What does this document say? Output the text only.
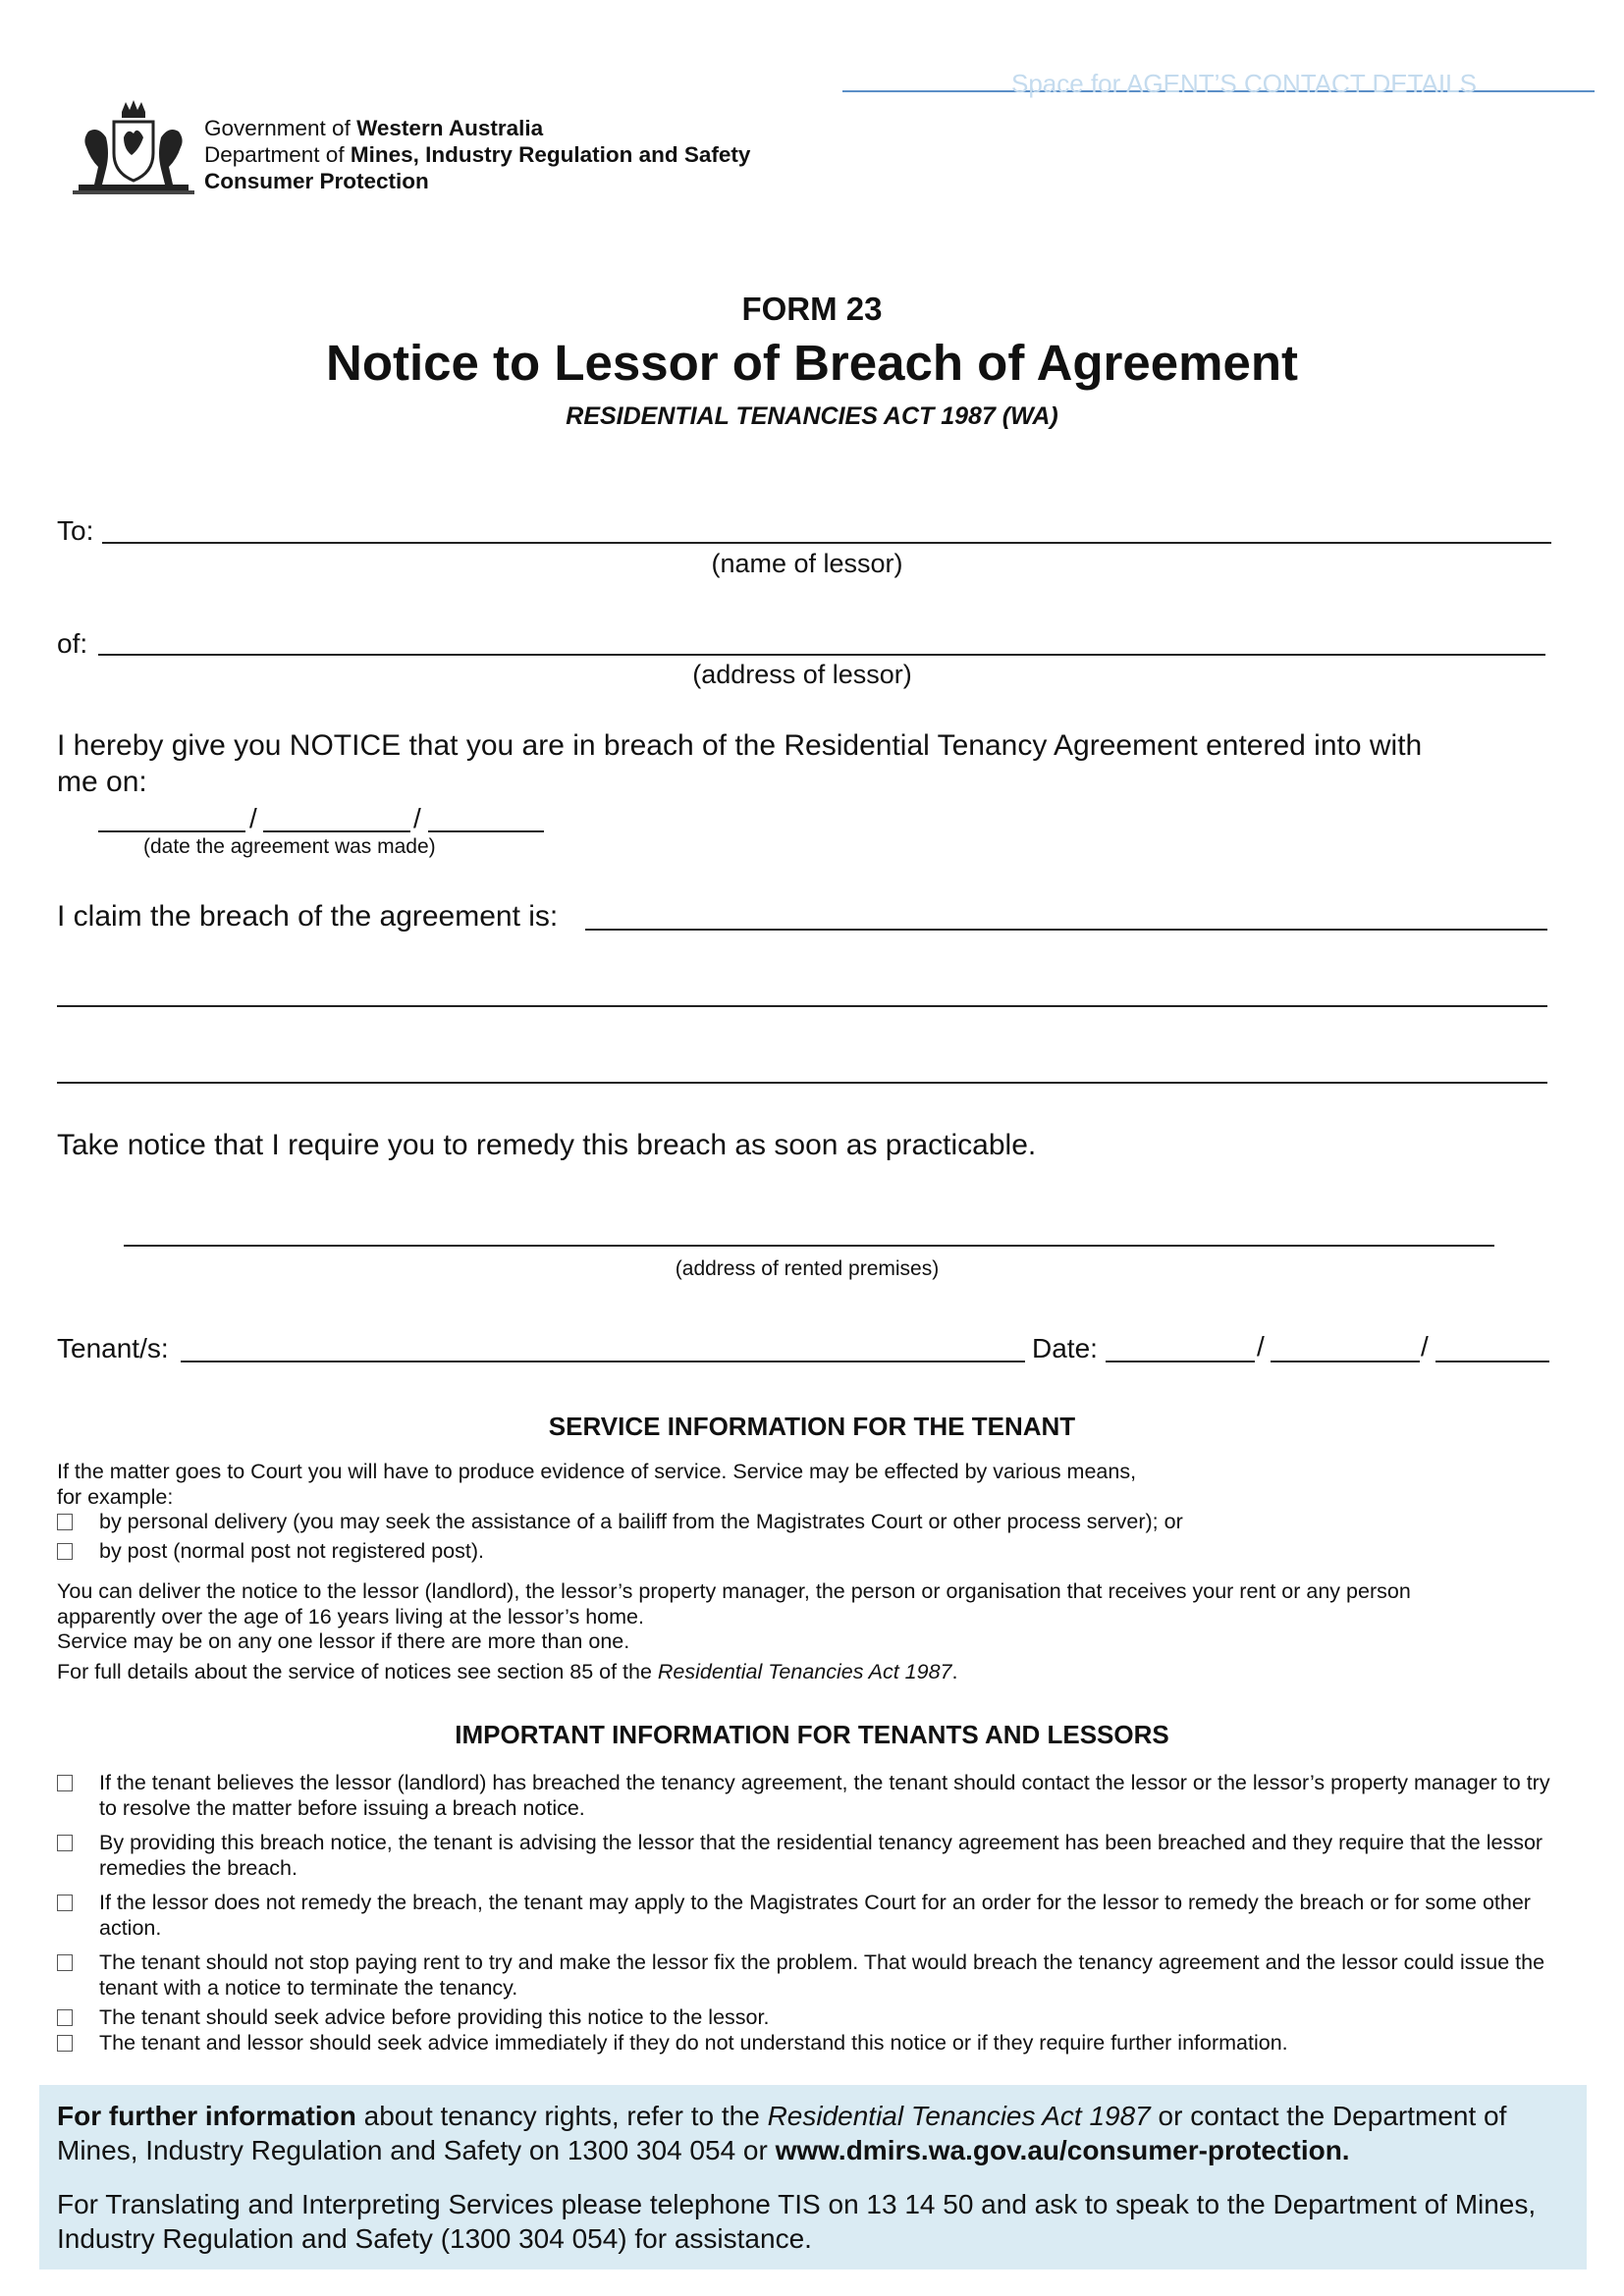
Space for AGENT’S CONTACT DETAILS
Government of Western Australia
Department of Mines, Industry Regulation and Safety
Consumer Protection
FORM 23
Notice to Lessor of Breach of Agreement
RESIDENTIAL TENANCIES ACT 1987 (WA)
To:
(name of lessor)
of:
(address of lessor)
I hereby give you NOTICE that you are in breach of the Residential Tenancy Agreement entered into with
me on:
/	/
(date the agreement was made)
I claim the breach of the agreement is:
Take notice that I require you to remedy this breach as soon as practicable.
(address of rented premises)
Tenant/s:	Date:	/	/
SERVICE INFORMATION FOR THE TENANT
If the matter goes to Court you will have to produce evidence of service. Service may be effected by various means,
for example:
by personal delivery (you may seek the assistance of a bailiff from the Magistrates Court or other process server); or
by post (normal post not registered post).
You can deliver the notice to the lessor (landlord), the lessor’s property manager, the person or organisation that receives your rent or any person
apparently over the age of 16 years living at the lessor’s home.
Service may be on any one lessor if there are more than one.
For full details about the service of notices see section 85 of the Residential Tenancies Act 1987.
IMPORTANT INFORMATION FOR TENANTS AND LESSORS
If the tenant believes the lessor (landlord) has breached the tenancy agreement, the tenant should contact the lessor or the lessor’s property manager to try to resolve the matter before issuing a breach notice.
By providing this breach notice, the tenant is advising the lessor that the residential tenancy agreement has been breached and they require that the lessor remedies the breach.
If the lessor does not remedy the breach, the tenant may apply to the Magistrates Court for an order for the lessor to remedy the breach or for some other action.
The tenant should not stop paying rent to try and make the lessor fix the problem. That would breach the tenancy agreement and the lessor could issue the tenant with a notice to terminate the tenancy.
The tenant should seek advice before providing this notice to the lessor.
The tenant and lessor should seek advice immediately if they do not understand this notice or if they require further information.
For further information about tenancy rights, refer to the Residential Tenancies Act 1987 or contact the Department of
Mines, Industry Regulation and Safety on 1300 304 054 or www.dmirs.wa.gov.au/consumer-protection.
For Translating and Interpreting Services please telephone TIS on 13 14 50 and ask to speak to the Department of Mines,
Industry Regulation and Safety (1300 304 054) for assistance.
